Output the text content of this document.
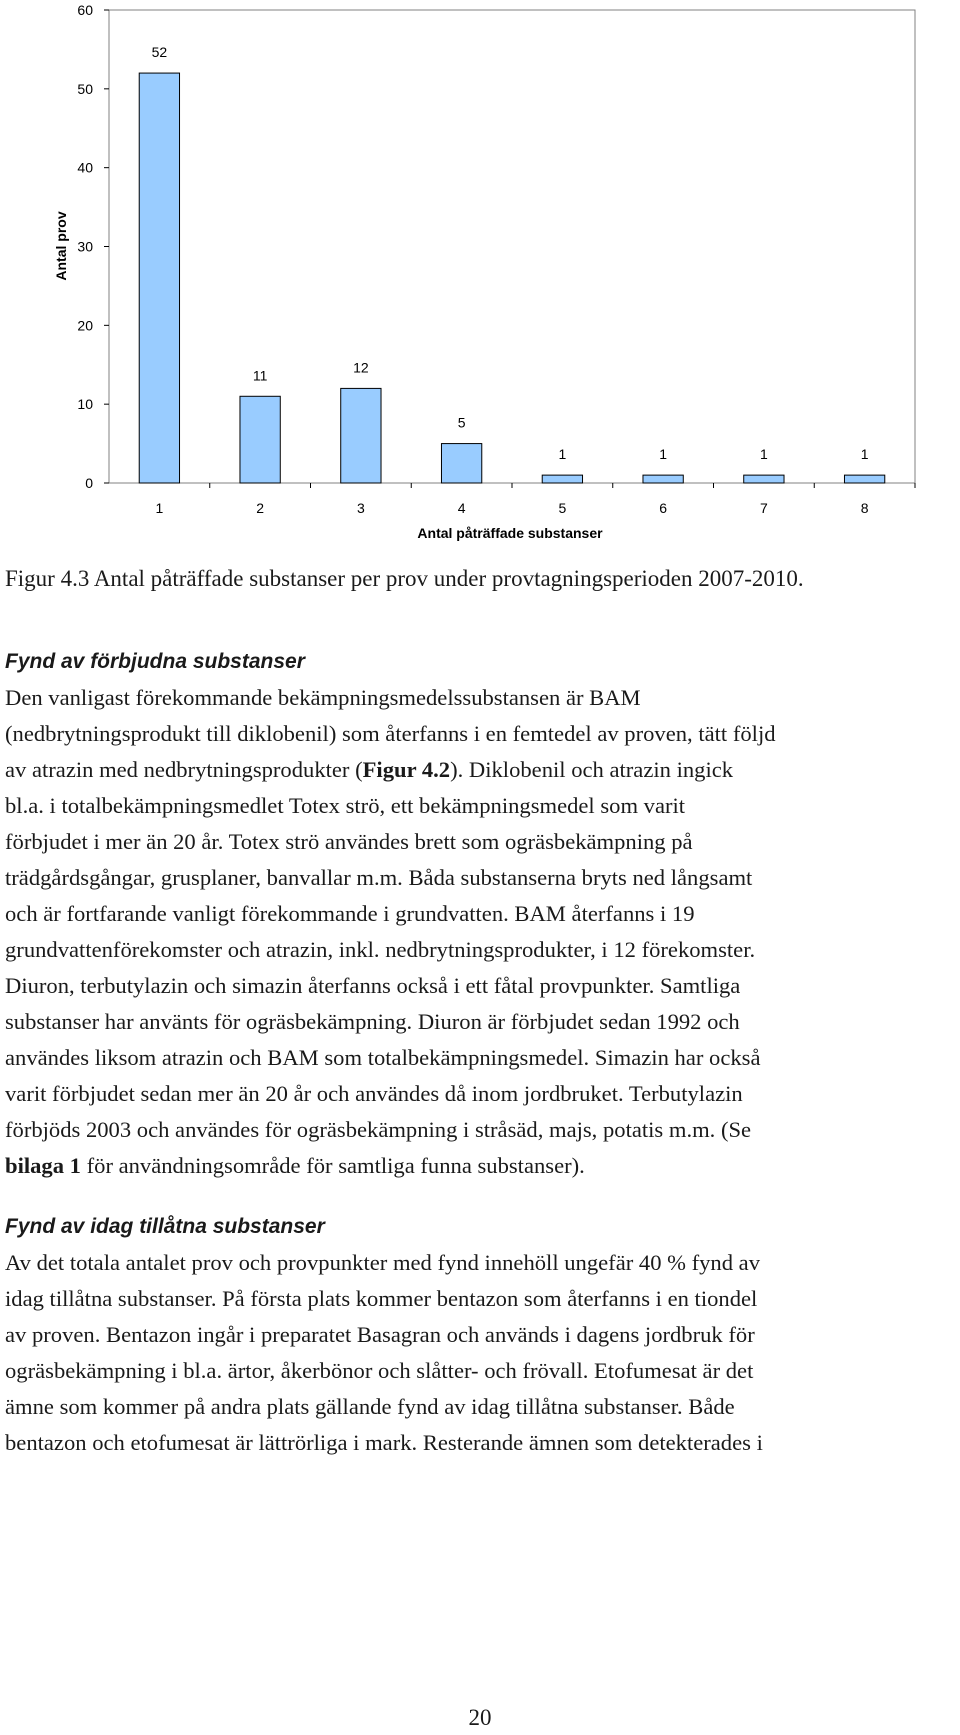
0
10
20
30
40
50
60
52
11	12
5
1	1	1	1
1	2	3	4	5	6	7	8
Antal prov
Antal påträffade substanser
Figur 4.3 Antal påträffade substanser per prov under provtagningsperioden 2007-2010.
Fynd av förbjudna substanser
Den vanligast förekommande bekämpningsmedelssubstansen är BAM
(nedbrytningsprodukt till diklobenil) som återfanns i en femtedel av proven, tätt följd
av atrazin med nedbrytningsprodukter (Figur 4.2). Diklobenil och atrazin ingick
bl.a. i totalbekämpningsmedlet Totex strö, ett bekämpningsmedel som varit
förbjudet i mer än 20 år. Totex strö användes brett som ogräsbekämpning på
trädgårdsgångar, grusplaner, banvallar m.m. Båda substanserna bryts ned långsamt
och är fortfarande vanligt förekommande i grundvatten. BAM återfanns i 19
grundvattenförekomster och atrazin, inkl. nedbrytningsprodukter, i 12 förekomster.
Diuron, terbutylazin och simazin återfanns också i ett fåtal provpunkter. Samtliga
substanser har använts för ogräsbekämpning. Diuron är förbjudet sedan 1992 och
användes liksom atrazin och BAM som totalbekämpningsmedel. Simazin har också
varit förbjudet sedan mer än 20 år och användes då inom jordbruket. Terbutylazin
förbjöds 2003 och användes för ogräsbekämpning i stråsäd, majs, potatis m.m. (Se
bilaga 1 för användningsområde för samtliga funna substanser).
Fynd av idag tillåtna substanser
Av det totala antalet prov och provpunkter med fynd innehöll ungefär 40 % fynd av
idag tillåtna substanser. På första plats kommer bentazon som återfanns i en tiondel
av proven. Bentazon ingår i preparatet Basagran och används i dagens jordbruk för
ogräsbekämpning i bl.a. ärtor, åkerbönor och slåtter- och frövall. Etofumesat är det
ämne som kommer på andra plats gällande fynd av idag tillåtna substanser. Både
bentazon och etofumesat är lättrörliga i mark. Resterande ämnen som detekterades i
20
